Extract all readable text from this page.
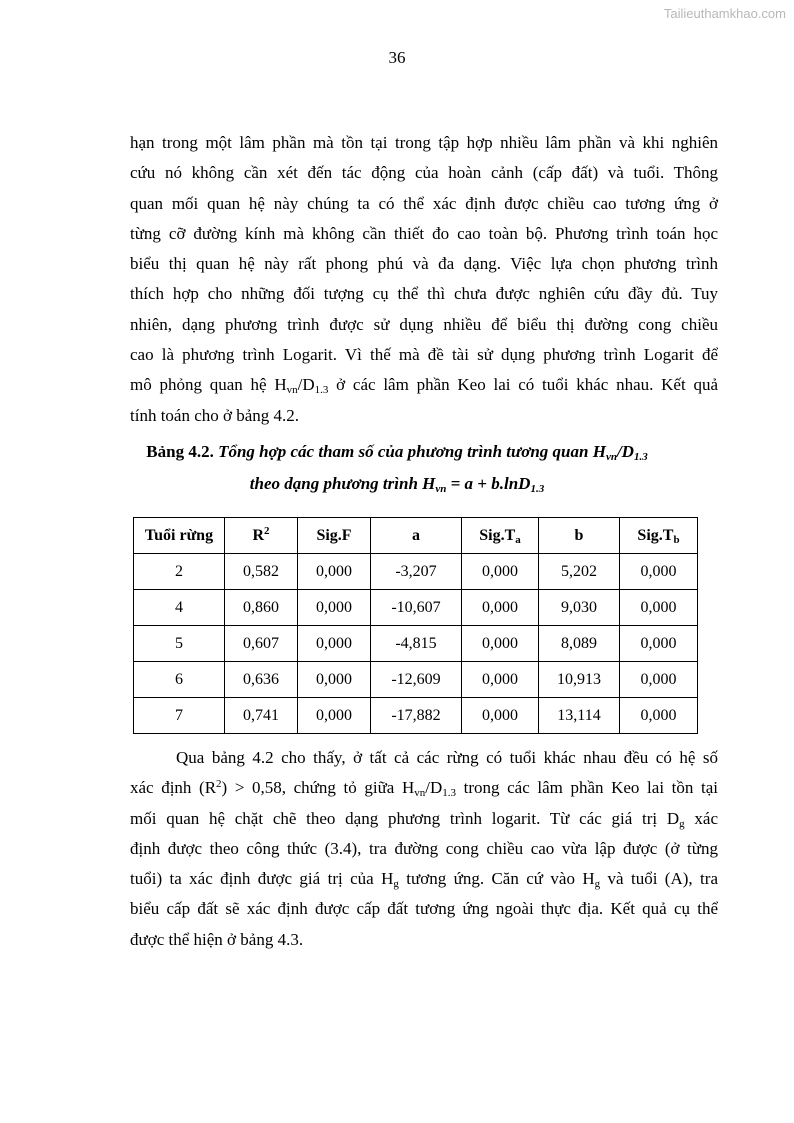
Tailieuthamkhao.com
36
hạn trong một lâm phần mà tồn tại trong tập hợp nhiều lâm phần và khi nghiên
cứu nó không cần xét đến tác động của hoàn cảnh (cấp đất) và tuổi. Thông
quan mối quan hệ này chúng ta có thể xác định được chiều cao tương ứng ở
từng cỡ đường kính mà không cần thiết đo cao toàn bộ. Phương trình toán học
biểu thị quan hệ này rất phong phú và đa dạng. Việc lựa chọn phương trình
thích hợp cho những đối tượng cụ thể thì chưa được nghiên cứu đầy đủ. Tuy
nhiên, dạng phương trình được sử dụng nhiều để biểu thị đường cong chiều
cao là phương trình Logarit. Vì thế mà đề tài sử dụng phương trình Logarit để
mô phỏng quan hệ $H_{vn}/D_{1.3}$ ở các lâm phần Keo lai có tuổi khác nhau. Kết quả
tính toán cho ở bảng 4.2.

Bảng 4.2. Tổng hợp các tham số của phương trình tương quan $H_{vn}/D_{1.3}$

theo dạng phương trình $H_{vn} = a + b.\ln D_{1.3}$

Tuổi rừng	$R^2$	Sig.F	a	$Sig.T_a$	b	$Sig.T_b$
2	0,582	0,000	-3,207	0,000	5,202	0,000
4	0,860	0,000	-10,607	0,000	9,030	0,000
5	0,607	0,000	-4,815	0,000	8,089	0,000
6	0,636	0,000	-12,609	0,000	10,913	0,000
7	0,741	0,000	-17,882	0,000	13,114	0,000
Qua bảng 4.2 cho thấy, ở tất cả các rừng có tuổi khác nhau đều có hệ số
xác định $(R^2) > 0,58$, chứng tỏ giữa $H_{vn}/D_{1.3}$ trong các lâm phần Keo lai tồn tại
mối quan hệ chặt chẽ theo dạng phương trình logarit. Từ các giá trị $D_g$ xác
định được theo công thức (3.4), tra đường cong chiều cao vừa lập được (ở từng
tuổi) ta xác định được giá trị của $H_g$ tương ứng. Căn cứ vào $H_g$ và tuổi (A), tra
biểu cấp đất sẽ xác định được cấp đất tương ứng ngoài thực địa. Kết quả cụ thể
được thể hiện ở bảng 4.3.
